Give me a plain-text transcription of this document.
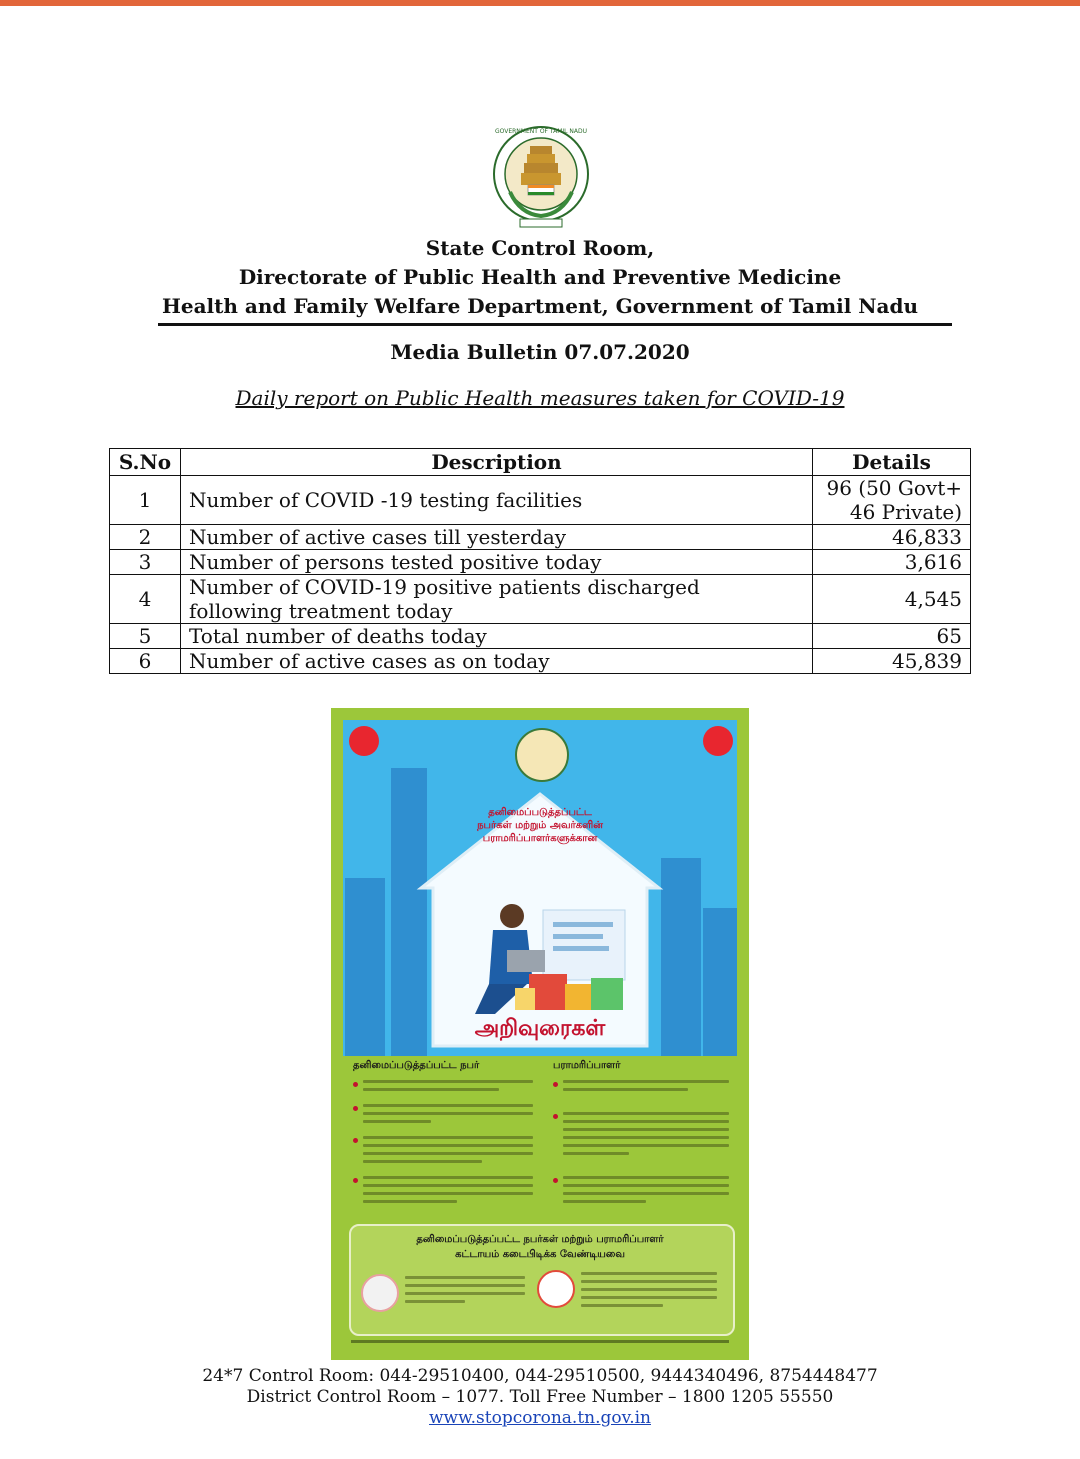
GOVERNMENT OF TAMIL NADU
State Control Room,
Directorate of Public Health and Preventive Medicine
Health and Family Welfare Department, Government of Tamil Nadu
Media Bulletin 07.07.2020
Daily report on Public Health measures taken for COVID-19
S.No	Description	Details
1	Number of COVID -19 testing facilities	96 (50 Govt+
46 Private)

2	Number of active cases till yesterday	46,833
3	Number of persons tested positive today	3,616
4	Number of COVID-19 positive patients discharged
following treatment today	4,545
5	Total number of deaths today	65
6	Number of active cases as on today	45,839
தனிமைப்படுத்தப்பட்ட
நபர்கள் மற்றும் அவர்களின்
பராமரிப்பாளர்களுக்கான
அறிவுரைகள்
தனிமைப்படுத்தப்பட்ட நபர்	பராமரிப்பாளர்
தனிமைப்படுத்தப்பட்ட நபர்கள் மற்றும் பராமரிப்பாளர்
கட்டாயம் கடைபிடிக்க வேண்டியவை
24*7 Control Room: 044-29510400, 044-29510500, 9444340496, 8754448477
District Control Room – 1077. Toll Free Number – 1800 1205 55550
www.stopcorona.tn.gov.in
